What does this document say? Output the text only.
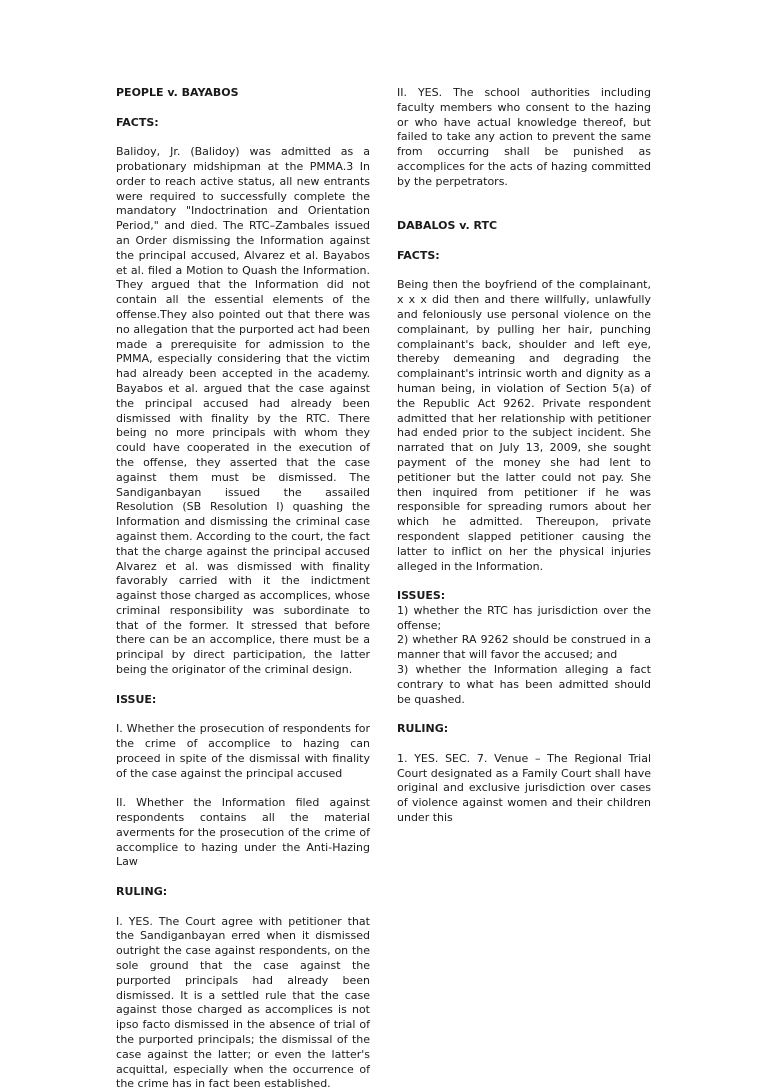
PEOPLE v. BAYABOS

FACTS:

Balidoy, Jr. (Balidoy) was admitted as a probationary midshipman at the PMMA.3 In order to reach active status, all new entrants were required to successfully complete the mandatory "Indoctrination and Orientation Period," and died. The RTC–Zambales issued an Order dismissing the Information against the principal accused, Alvarez et al. Bayabos et al. filed a Motion to Quash the Information. They argued that the Information did not contain all the essential elements of the offense.They also pointed out that there was no allegation that the purported act had been made a prerequisite for admission to the PMMA, especially considering that the victim had already been accepted in the academy. Bayabos et al. argued that the case against the principal accused had already been dismissed with finality by the RTC. There being no more principals with whom they could have cooperated in the execution of the offense, they asserted that the case against them must be dismissed. The Sandiganbayan issued the assailed Resolution (SB Resolution I) quashing the Information and dismissing the criminal case against them. According to the court, the fact that the charge against the principal accused Alvarez et al. was dismissed with finality favorably carried with it the indictment against those charged as accomplices, whose criminal responsibility was subordinate to that of the former. It stressed that before there can be an accomplice, there must be a principal by direct participation, the latter being the originator of the criminal design.

ISSUE:

I. Whether the prosecution of respondents for the crime of accomplice to hazing can proceed in spite of the dismissal with finality of the case against the principal accused

II. Whether the Information filed against respondents contains all the material averments for the prosecution of the crime of accomplice to hazing under the Anti-Hazing Law

RULING:

I. YES. The Court agree with petitioner that the Sandiganbayan erred when it dismissed outright the case against respondents, on the sole ground that the case against the purported principals had already been dismissed. It is a settled rule that the case against those charged as accomplices is not ipso facto dismissed in the absence of trial of the purported principals; the dismissal of the case against the latter; or even the latter's acquittal, especially when the occurrence of the crime has in fact been established.

II. YES. The school authorities including faculty members who consent to the hazing or who have actual knowledge thereof, but failed to take any action to prevent the same from occurring shall be punished as accomplices for the acts of hazing committed by the perpetrators.

DABALOS v. RTC

FACTS:

Being then the boyfriend of the complainant, x x x did then and there willfully, unlawfully and feloniously use personal violence on the complainant, by pulling her hair, punching complainant's back, shoulder and left eye, thereby demeaning and degrading the complainant's intrinsic worth and dignity as a human being, in violation of Section 5(a) of the Republic Act 9262. Private respondent admitted that her relationship with petitioner had ended prior to the subject incident. She narrated that on July 13, 2009, she sought payment of the money she had lent to petitioner but the latter could not pay. She then inquired from petitioner if he was responsible for spreading rumors about her which he admitted. Thereupon, private respondent slapped petitioner causing the latter to inflict on her the physical injuries alleged in the Information.

ISSUES:

1) whether the RTC has jurisdiction over the offense;

2) whether RA 9262 should be construed in a manner that will favor the accused; and

3) whether the Information alleging a fact contrary to what has been admitted should be quashed.

RULING:

1. YES. SEC. 7. Venue – The Regional Trial Court designated as a Family Court shall have original and exclusive jurisdiction over cases of violence against women and their children under this
